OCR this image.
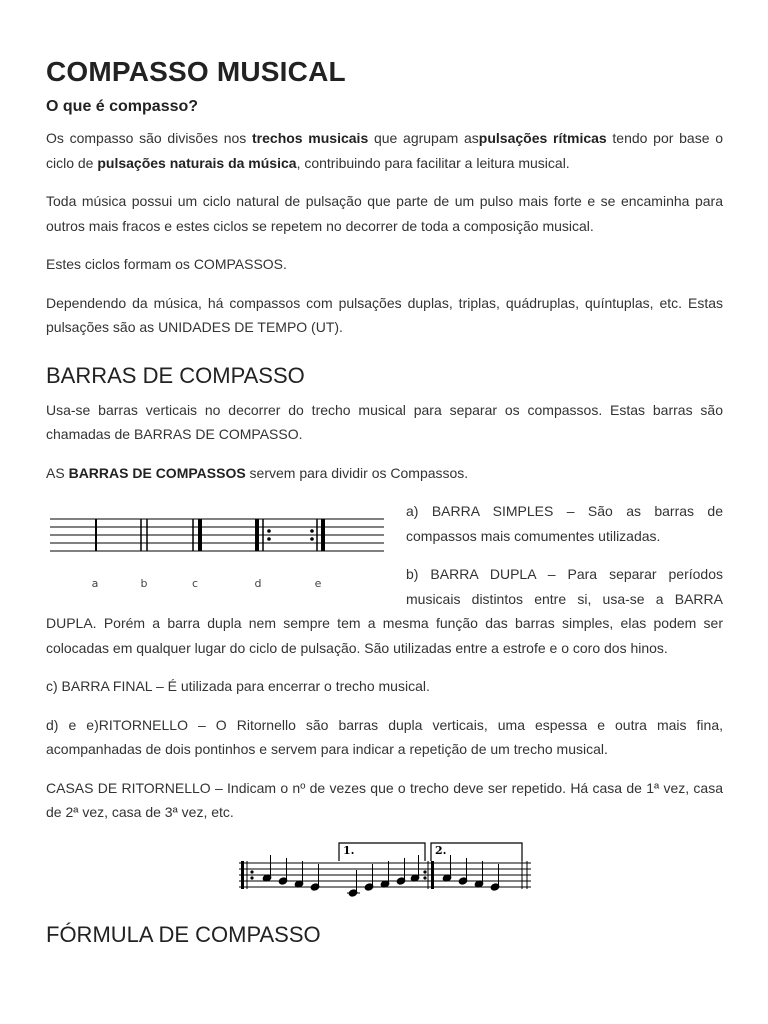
COMPASSO MUSICAL
O que é compasso?

Os compasso são divisões nos trechos musicais que agrupam aspulsações rítmicas tendo por base o ciclo de pulsações naturais da música, contribuindo para facilitar a leitura musical.

Toda música possui um ciclo natural de pulsação que parte de um pulso mais forte e se encaminha para outros mais fracos e estes ciclos se repetem no decorrer de toda a composição musical.

Estes ciclos formam os COMPASSOS.

Dependendo da música, há compassos com pulsações duplas, triplas, quádruplas, quíntuplas, etc. Estas pulsações são as UNIDADES DE TEMPO (UT).

BARRAS DE COMPASSO

Usa-se barras verticais no decorrer do trecho musical para separar os compassos. Estas barras são chamadas de BARRAS DE COMPASSO.

AS BARRAS DE COMPASSOS servem para dividir os Compassos.

a	b	c	d	e

a) BARRA SIMPLES – São as barras de compassos mais comumentes utilizadas.

b) BARRA DUPLA – Para separar períodos musicais distintos entre si, usa-se a BARRA DUPLA. Porém a barra dupla nem sempre tem a mesma função das barras simples, elas podem ser colocadas em qualquer lugar do ciclo de pulsação. São utilizadas entre a estrofe e o coro dos hinos.

c) BARRA FINAL – É utilizada para encerrar o trecho musical.

d) e e)RITORNELLO – O Ritornello são barras dupla verticais, uma espessa e outra mais fina, acompanhadas de dois pontinhos e servem para indicar a repetição de um trecho musical.

CASAS DE RITORNELLO – Indicam o nº de vezes que o trecho deve ser repetido. Há casa de 1ª vez, casa de 2ª vez, casa de 3ª vez, etc.

1.	2.
FÓRMULA DE COMPASSO
